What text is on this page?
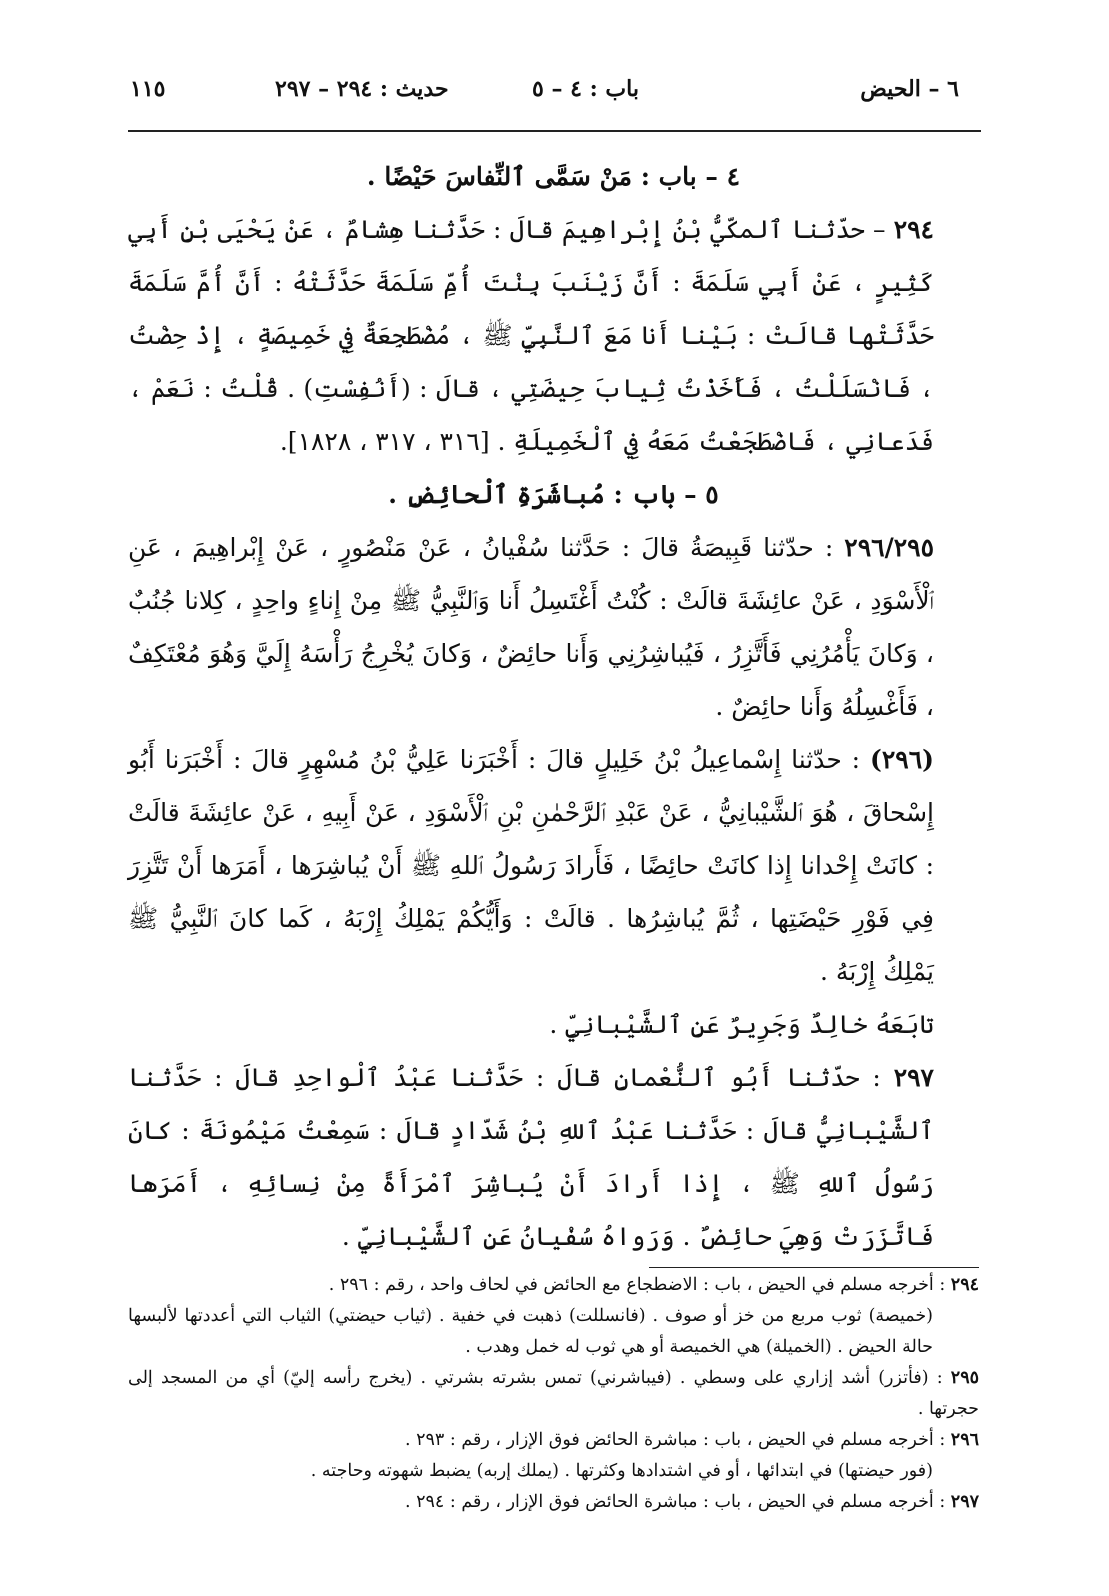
٦ – الحيض
باب : ٤ – ٥
حديث : ٢٩٤ – ٢٩٧
١١٥

٤ – باب : مَنْ سَمَّى ٱلنِّفاسَ حَيْضًا .

٢٩٤ – حدّثنا ٱلمكّيُّ بْنُ إِبْراهِيمَ قالَ : حَدَّثنا هِشامٌ ، عَنْ يَحْيَى بْنِ أَبِي كَثِيرٍ ، عَنْ أَبِي سَلَمَةَ : أَنَّ زَيْنَبَ بِنْتَ أُمِّ سَلَمَةَ حَدَّثَتْهُ : أَنَّ أُمَّ سَلَمَةَ حَدَّثَتْها قالَتْ : بَيْنا أَنا مَعَ ٱلنَّبِيِّ ﷺ ، مُضْطَجِعَةٌ فِي خَمِيصَةٍ ، إِذْ حِضْتُ ، فَانْسَلَلْتُ ، فَأَخَذْتُ ثِيابَ حِيضَتِي ، قالَ : (أَنُفِسْتِ) . قُلْتُ : نَعَمْ ، فَدَعانِي ، فَاضْطَجَعْتُ مَعَهُ فِي ٱلْخَمِيلَةِ . [٣١٦ ، ٣١٧ ، ١٨٢٨].

٥ – باب : مُباشَرَةِ ٱلْحائِضِ .

٢٩٦/٢٩٥ : حدّثنا قَبِيصَةُ قالَ : حَدَّثنا سُفْيانُ ، عَنْ مَنْصُورٍ ، عَنْ إِبْراهِيمَ ، عَنِ ٱلْأَسْوَدِ ، عَنْ عائِشَةَ قالَتْ : كُنْتُ أَغْتَسِلُ أَنا وَٱلنَّبِيُّ ﷺ مِنْ إِناءٍ واحِدٍ ، كِلانا جُنُبٌ ، وَكانَ يَأْمُرُنِي فَأَتَّزِرُ ، فَيُباشِرُنِي وَأَنا حائِضٌ ، وَكانَ يُخْرِجُ رَأْسَهُ إِلَيَّ وَهُوَ مُعْتَكِفٌ ، فَأَغْسِلُهُ وَأَنا حائِضٌ .

(٢٩٦) : حدّثنا إِسْماعِيلُ بْنُ خَلِيلٍ قالَ : أَخْبَرَنا عَلِيُّ بْنُ مُسْهِرٍ قالَ : أَخْبَرَنا أَبُو إِسْحاقَ ، هُوَ ٱلشَّيْبانِيُّ ، عَنْ عَبْدِ ٱلرَّحْمٰنِ بْنِ ٱلْأَسْوَدِ ، عَنْ أَبِيهِ ، عَنْ عائِشَةَ قالَتْ : كانَتْ إِحْدانا إِذا كانَتْ حائِضًا ، فَأَرادَ رَسُولُ ٱللهِ ﷺ أَنْ يُباشِرَها ، أَمَرَها أَنْ تَتَّزِرَ فِي فَوْرِ حَيْضَتِها ، ثُمَّ يُباشِرُها . قالَتْ : وَأَيُّكُمْ يَمْلِكُ إِرْبَهُ ، كَما كانَ ٱلنَّبِيُّ ﷺ يَمْلِكُ إِرْبَهُ .

تابَعَهُ خالِدٌ وَجَرِيرٌ عَنِ ٱلشَّيْبانِيِّ .

٢٩٧ : حدّثنا أَبُو ٱلنُّعْمانِ قالَ : حَدَّثنا عَبْدُ ٱلْواحِدِ قالَ : حَدَّثنا ٱلشَّيْبانِيُّ قالَ : حَدَّثنا عَبْدُ ٱللهِ بْنُ شَدّادٍ قالَ : سَمِعْتُ مَيْمُونَةَ : كانَ رَسُولُ ٱللهِ ﷺ ، إِذا أَرادَ أَنْ يُباشِرَ ٱمْرَأَةً مِنْ نِسائِهِ ، أَمَرَها فَاتَّزَرَتْ وَهِيَ حائِضٌ . وَرَواهُ سُفْيانُ عَنِ ٱلشَّيْبانِيِّ .

٢٩٤ : أخرجه مسلم في الحيض ، باب : الاضطجاع مع الحائض في لحاف واحد ، رقم : ٢٩٦ .

(خميصة) ثوب مربع من خز أو صوف . (فانسللت) ذهبت في خفية . (ثياب حيضتي) الثياب التي أعددتها لألبسها حالة الحيض . (الخميلة) هي الخميصة أو هي ثوب له خمل وهدب .

٢٩٥ : (فأتزر) أشد إزاري على وسطي . (فيباشرني) تمس بشرته بشرتي . (يخرج رأسه إليّ) أي من المسجد إلى حجرتها .

٢٩٦ : أخرجه مسلم في الحيض ، باب : مباشرة الحائض فوق الإزار ، رقم : ٢٩٣ .

(فور حيضتها) في ابتدائها ، أو في اشتدادها وكثرتها . (يملك إربه) يضبط شهوته وحاجته .

٢٩٧ : أخرجه مسلم في الحيض ، باب : مباشرة الحائض فوق الإزار ، رقم : ٢٩٤ .
